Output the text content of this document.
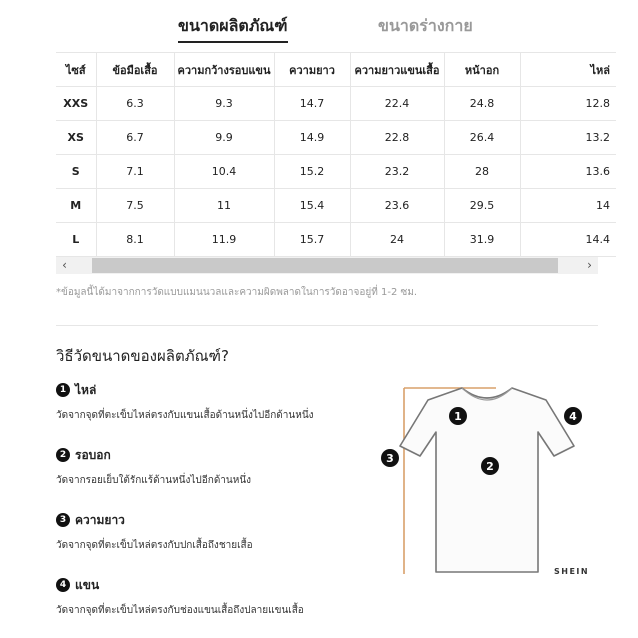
ขนาดผลิตภัณฑ์	ขนาดร่างกาย
ไซส์	ข้อมือเสื้อ	ความกว้างรอบแขน	ความยาว	ความยาวแขนเสื้อ	หน้าอก	ไหล่
XXS	6.3	9.3	14.7	22.4	24.8	12.8
XS	6.7	9.9	14.9	22.8	26.4	13.2
S	7.1	10.4	15.2	23.2	28	13.6
M	7.5	11	15.4	23.6	29.5	14
L	8.1	11.9	15.7	24	31.9	14.4
‹	›
*ข้อมูลนี้ได้มาจากการวัดแบบแมนนวลและความผิดพลาดในการวัดอาจอยู่ที่ 1-2 ซม.
วิธีวัดขนาดของผลิตภัณฑ์?
1 ไหล่
วัดจากจุดที่ตะเข็บไหล่ตรงกับแขนเสื้อด้านหนึ่งไปอีกด้านหนึ่ง
2 รอบอก
วัดจากรอยเย็บใต้รักแร้ด้านหนึ่งไปอีกด้านหนึ่ง
3 ความยาว
วัดจากจุดที่ตะเข็บไหล่ตรงกับปกเสื้อถึงชายเสื้อ
4 แขน
วัดจากจุดที่ตะเข็บไหล่ตรงกับช่องแขนเสื้อถึงปลายแขนเสื้อ
1
2
3
4
SHEIN
